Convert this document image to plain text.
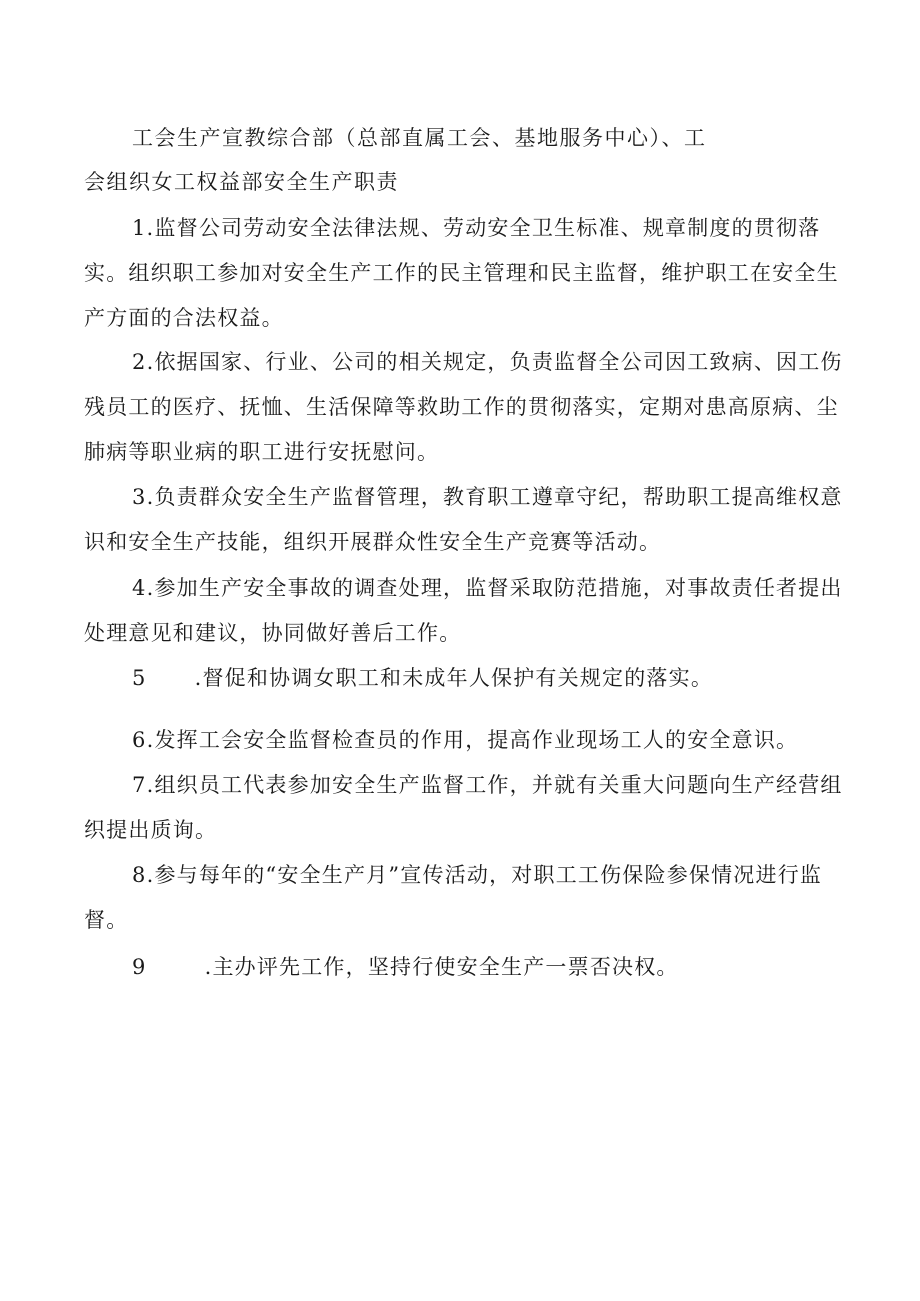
工会生产宣教综合部（总部直属工会、基地服务中心）、工
会组织女工权益部安全生产职责

1.监督公司劳动安全法律法规、劳动安全卫生标准、规章制度的贯彻落实。组织职工参加对安全生产工作的民主管理和民主监督，维护职工在安全生产方面的合法权益。

2.依据国家、行业、公司的相关规定，负责监督全公司因工致病、因工伤残员工的医疗、抚恤、生活保障等救助工作的贯彻落实，定期对患高原病、尘肺病等职业病的职工进行安抚慰问。

3.负责群众安全生产监督管理，教育职工遵章守纪，帮助职工提高维权意识和安全生产技能，组织开展群众性安全生产竞赛等活动。

4.参加生产安全事故的调查处理，监督采取防范措施，对事故责任者提出处理意见和建议，协同做好善后工作。

5 .督促和协调女职工和未成年人保护有关规定的落实。

6.发挥工会安全监督检查员的作用，提高作业现场工人的安全意识。

7.组织员工代表参加安全生产监督工作，并就有关重大问题向生产经营组织提出质询。

8.参与每年的“安全生产月”宣传活动，对职工工伤保险参保情况进行监督。

9	.主办评先工作，坚持行使安全生产一票否决权。
